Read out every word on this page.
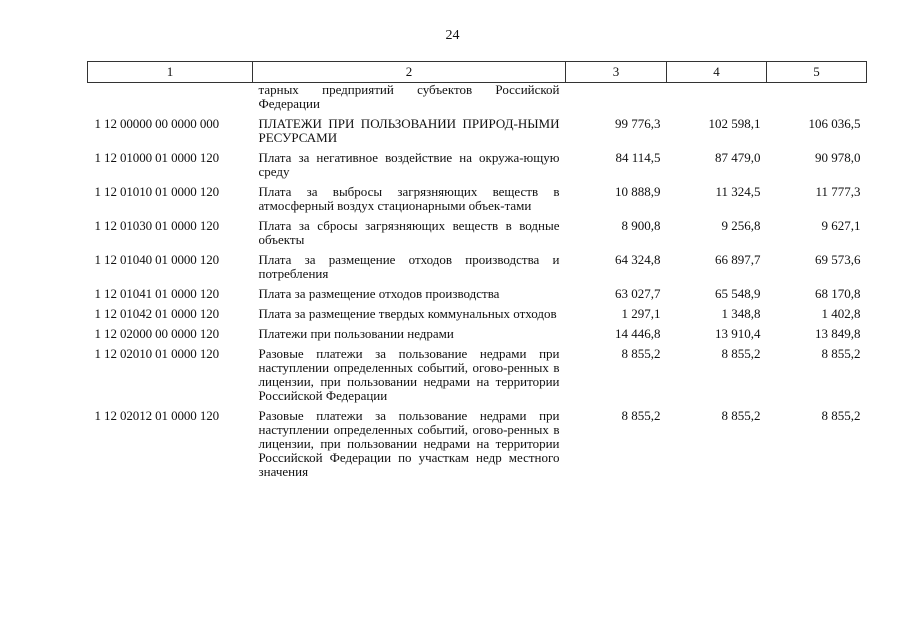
24
1	2	3	4	5
	тарных предприятий субъектов Российской Федерации			
1 12 00000 00 0000 000	ПЛАТЕЖИ ПРИ ПОЛЬЗОВАНИИ ПРИРОД-НЫМИ РЕСУРСАМИ	99 776,3	102 598,1	106 036,5
1 12 01000 01 0000 120	Плата за негативное воздействие на окружа-ющую среду	84 114,5	87 479,0	90 978,0
1 12 01010 01 0000 120	Плата за выбросы загрязняющих веществ в атмосферный воздух стационарными объек-тами	10 888,9	11 324,5	11 777,3
1 12 01030 01 0000 120	Плата за сбросы загрязняющих веществ в водные объекты	8 900,8	9 256,8	9 627,1
1 12 01040 01 0000 120	Плата за размещение отходов производства и потребления	64 324,8	66 897,7	69 573,6
1 12 01041 01 0000 120	Плата за размещение отходов производства	63 027,7	65 548,9	68 170,8
1 12 01042 01 0000 120	Плата за размещение твердых коммунальных отходов	1 297,1	1 348,8	1 402,8
1 12 02000 00 0000 120	Платежи при пользовании недрами	14 446,8	13 910,4	13 849,8
1 12 02010 01 0000 120	Разовые платежи за пользование недрами при наступлении определенных событий, огово-ренных в лицензии, при пользовании недрами на территории Российской Федерации	8 855,2	8 855,2	8 855,2
1 12 02012 01 0000 120	Разовые платежи за пользование недрами при наступлении определенных событий, огово-ренных в лицензии, при пользовании недрами на территории Российской Федерации по участкам недр местного значения	8 855,2	8 855,2	8 855,2
